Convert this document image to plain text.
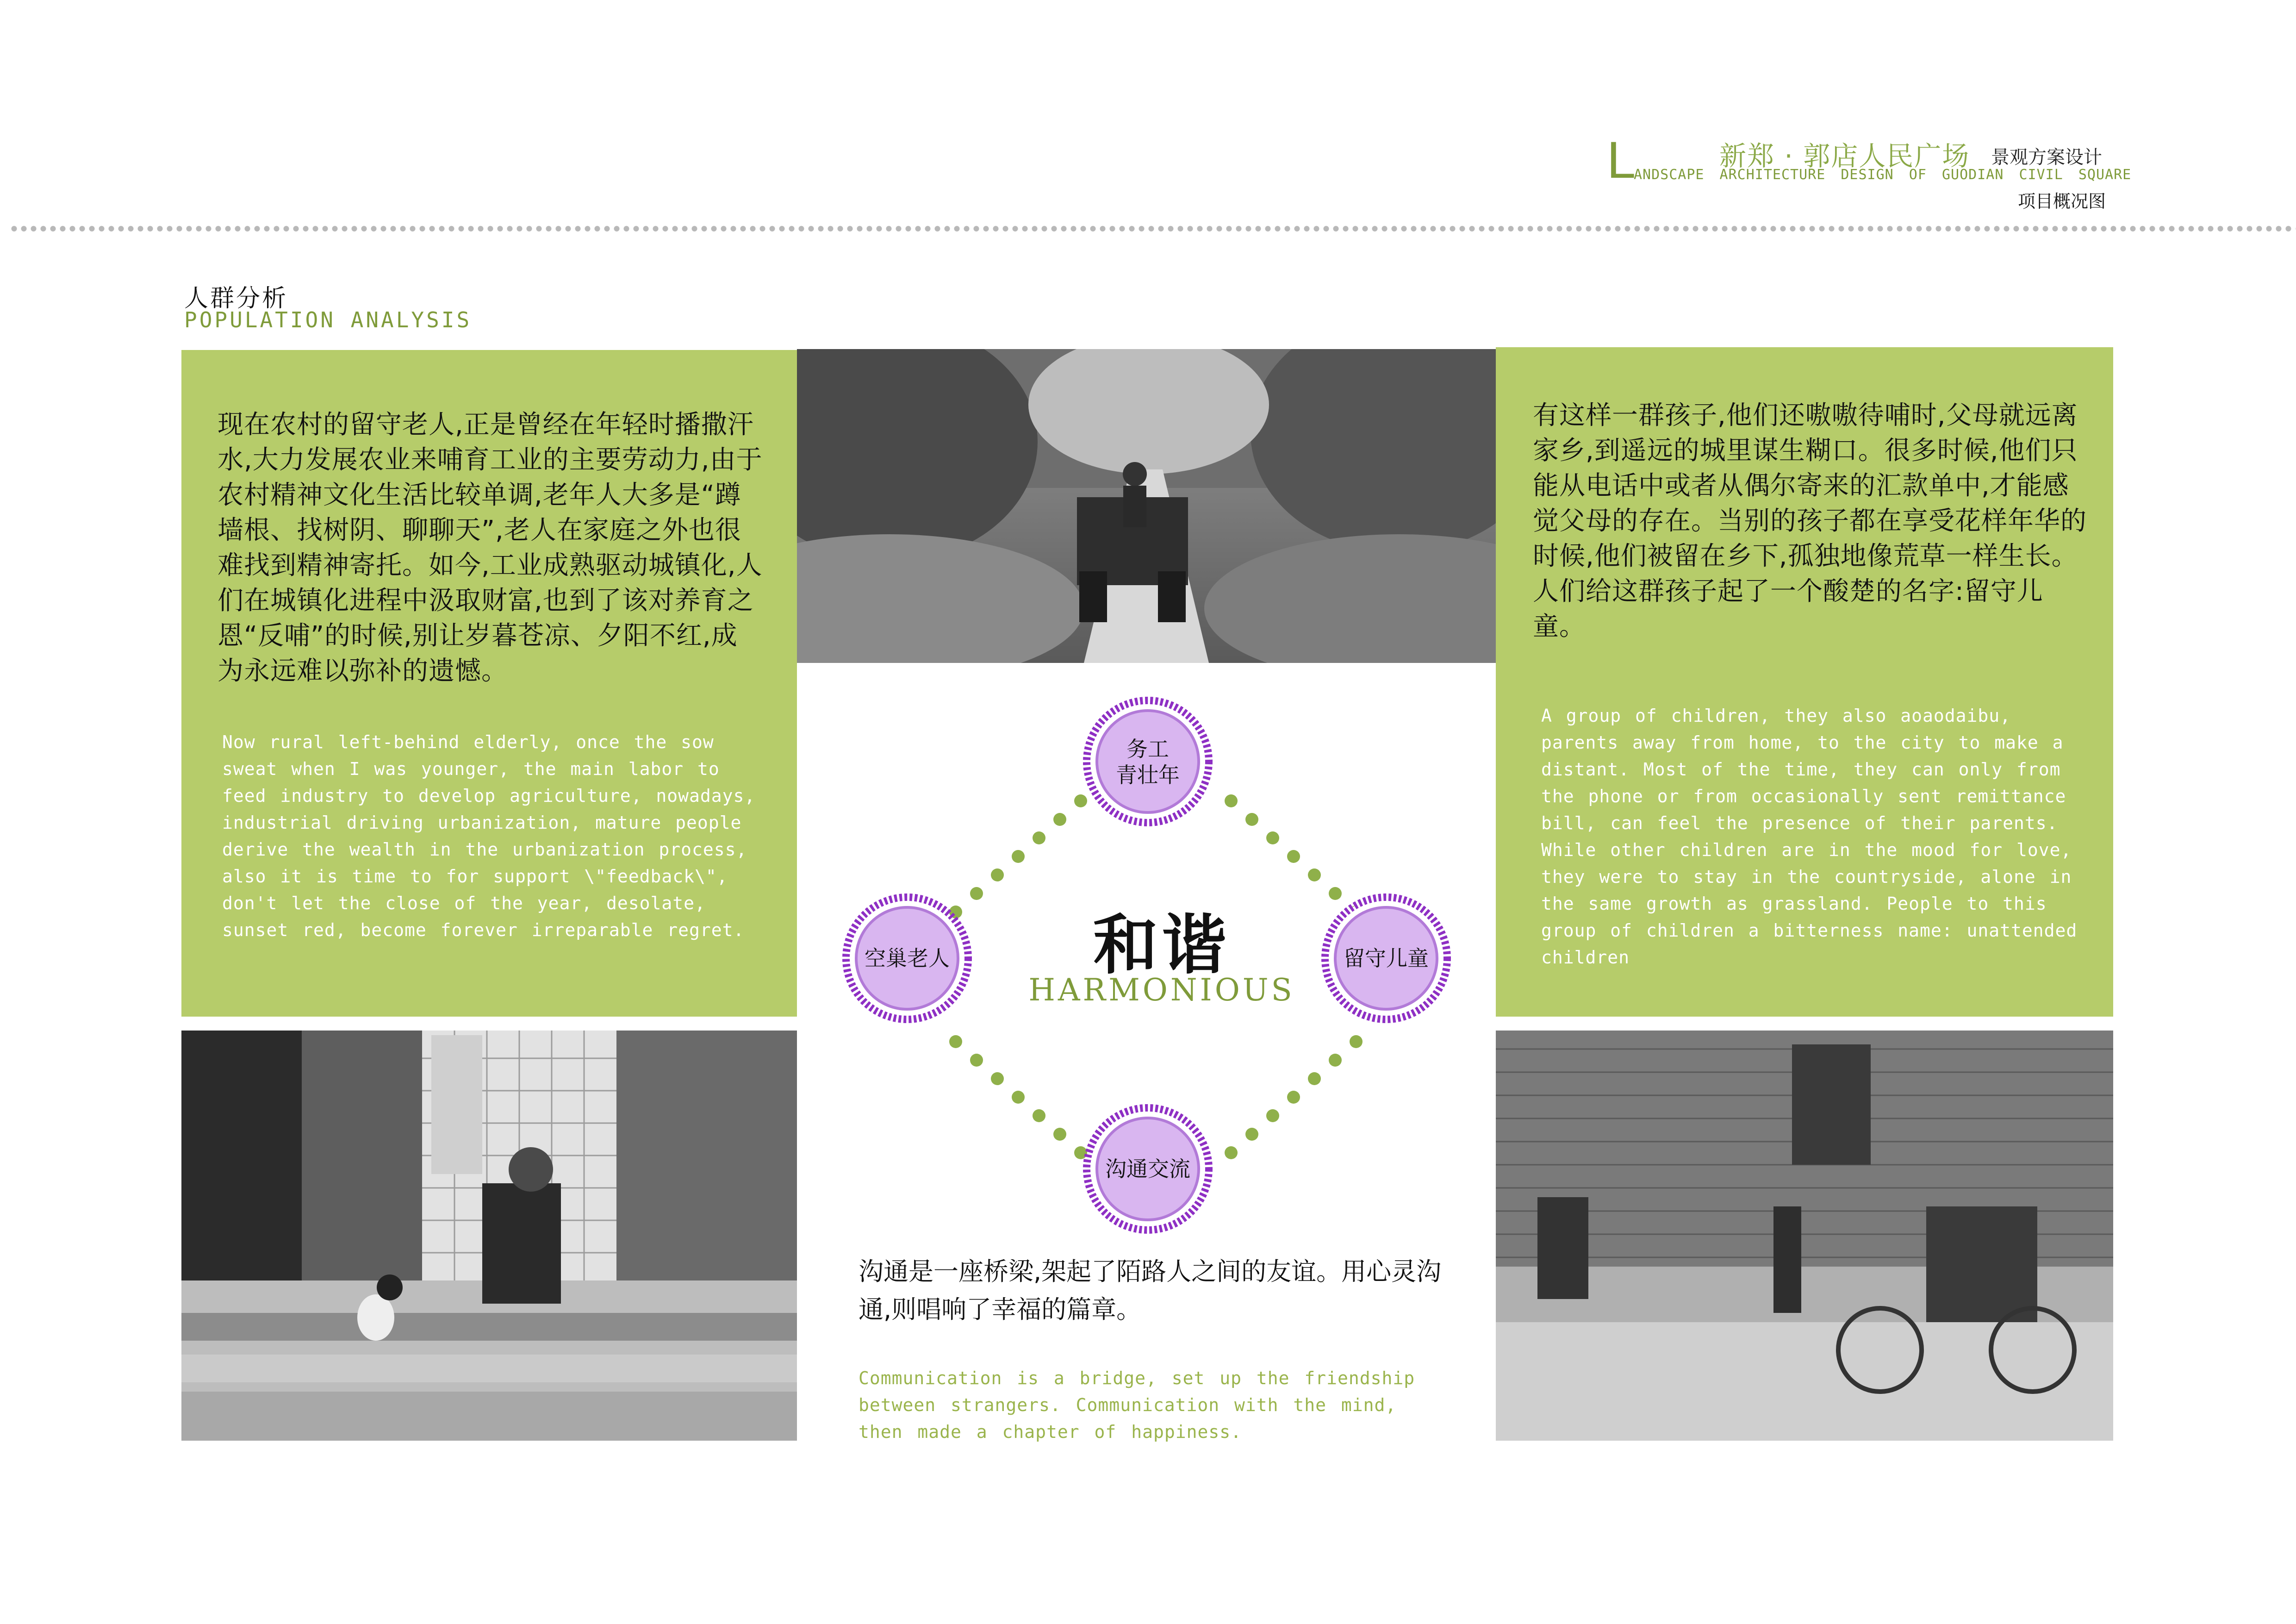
L	新郑 · 郭店人民广场 景观方案设计
ANDSCAPE ARCHITECTURE DESIGN OF GUODIAN CIVIL SQUARE
项目概况图
人群分析
POPULATION ANALYSIS
现在农村的留守老人,正是曾经在年轻时播撒汗水,大力发展农业来哺育工业的主要劳动力,由于农村精神文化生活比较单调,老年人大多是“蹲墙根、找树阴、聊聊天”,老人在家庭之外也很难找到精神寄托。如今,工业成熟驱动城镇化,人们在城镇化进程中汲取财富,也到了该对养育之恩“反哺”的时候,别让岁暮苍凉、夕阳不红,成为永远难以弥补的遗憾。
Now rural left-behind elderly, once the sow sweat when I was younger, the main labor to feed industry to develop agriculture, nowadays, industrial driving urbanization, mature people derive the wealth in the urbanization process, also it is time to for support \"feedback\", don't let the close of the year, desolate, sunset red, become forever irreparable regret.
有这样一群孩子,他们还嗷嗷待哺时,父母就远离家乡,到遥远的城里谋生糊口。很多时候,他们只能从电话中或者从偶尔寄来的汇款单中,才能感觉父母的存在。当别的孩子都在享受花样年华的时候,他们被留在乡下,孤独地像荒草一样生长。人们给这群孩子起了一个酸楚的名字:留守儿童。
A group of children, they also aoaodaibu, parents away from home, to the city to make a distant. Most of the time, they can only from the phone or from occasionally sent remittance bill, can feel the presence of their parents. While other children are in the mood for love, they were to stay in the countryside, alone in the same growth as grassland. People to this group of children a bitterness name: unattended children
务工
青壮年
空巢老人	留守儿童
沟通交流
和谐
HARMONIOUS
沟通是一座桥梁,架起了陌路人之间的友谊。用心灵沟通,则唱响了幸福的篇章。
Communication is a bridge, set up the friendship between strangers. Communication with the mind, then made a chapter of happiness.
